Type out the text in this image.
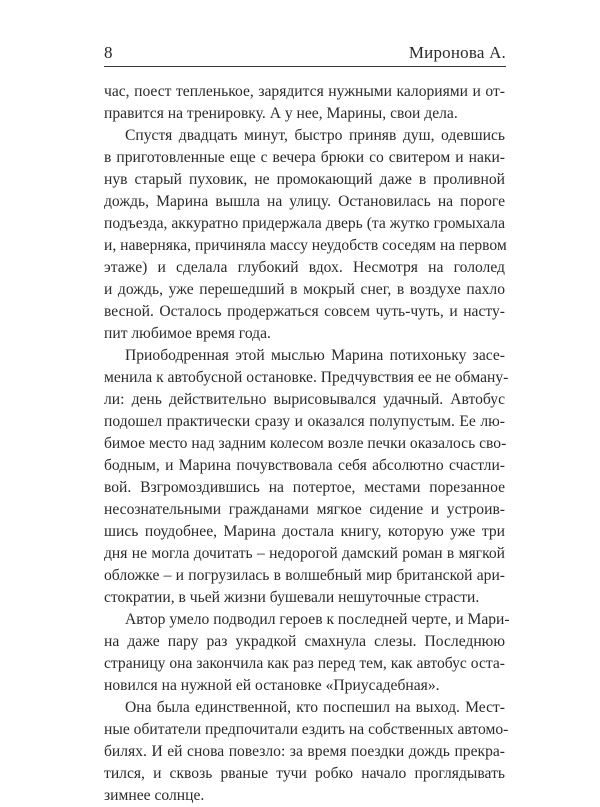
8	Миронова А.
час, поест тепленькое, зарядится нужными калориями и от-
правится на тренировку. А у нее, Марины, свои дела.
Спустя двадцать минут, быстро приняв душ, одевшись
в приготовленные еще с вечера брюки со свитером и наки-
нув старый пуховик, не промокающий даже в проливной
дождь, Марина вышла на улицу. Остановилась на пороге
подъезда, аккуратно придержала дверь (та жутко громыхала
и, наверняка, причиняла массу неудобств соседям на первом
этаже) и сделала глубокий вдох. Несмотря на гололед
и дождь, уже перешедший в мокрый снег, в воздухе пахло
весной. Осталось продержаться совсем чуть-чуть, и насту-
пит любимое время года.
Приободренная этой мыслью Марина потихоньку засе-
менила к автобусной остановке. Предчувствия ее не обману-
ли: день действительно вырисовывался удачный. Автобус
подошел практически сразу и оказался полупустым. Ее лю-
бимое место над задним колесом возле печки оказалось сво-
бодным, и Марина почувствовала себя абсолютно счастли-
вой. Взгромоздившись на потертое, местами порезанное
несознательными гражданами мягкое сидение и устроив-
шись поудобнее, Марина достала книгу, которую уже три
дня не могла дочитать – недорогой дамский роман в мягкой
обложке – и погрузилась в волшебный мир британской ари-
стократии, в чьей жизни бушевали нешуточные страсти.
Автор умело подводил героев к последней черте, и Мари-
на даже пару раз украдкой смахнула слезы. Последнюю
страницу она закончила как раз перед тем, как автобус оста-
новился на нужной ей остановке «Приусадебная».
Она была единственной, кто поспешил на выход. Мест-
ные обитатели предпочитали ездить на собственных автомо-
билях. И ей снова повезло: за время поездки дождь прекра-
тился, и сквозь рваные тучи робко начало проглядывать
зимнее солнце.
